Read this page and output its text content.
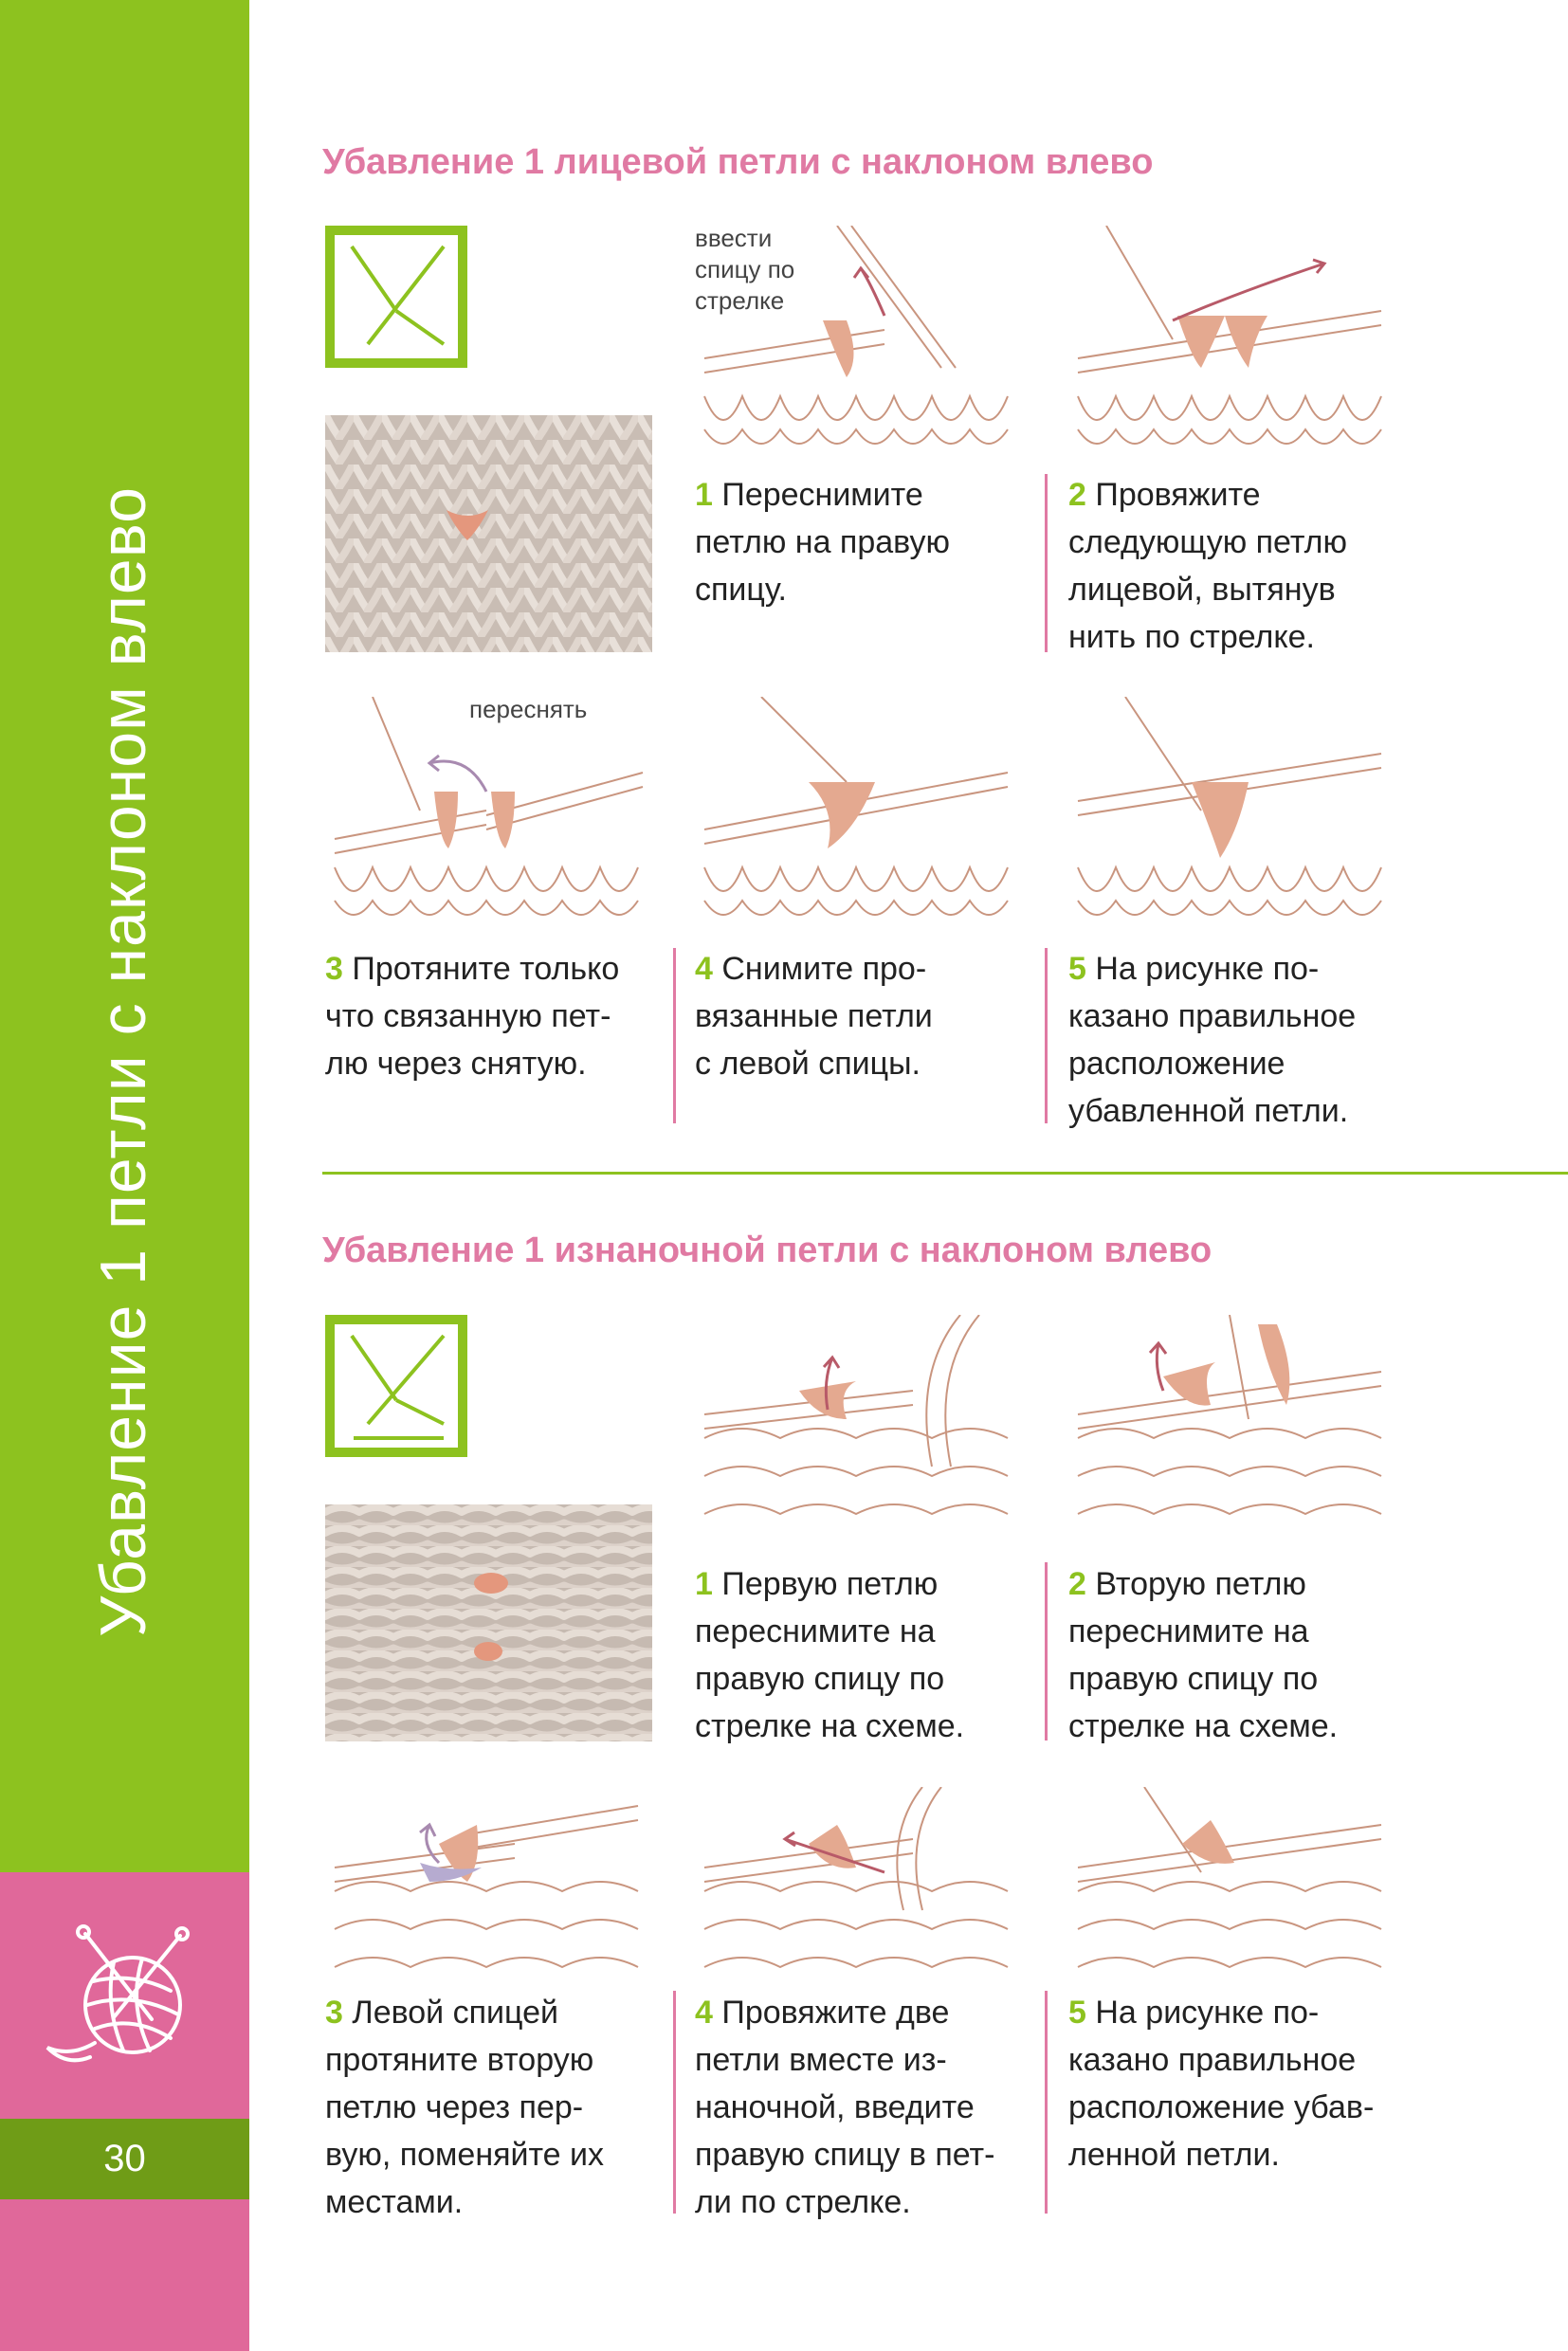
Убавление 1 петли с наклоном влево
30
Убавление 1 лицевой петли с наклоном влево
ввести
спицу по
стрелке
1 Переснимите
петлю на правую
спицу.
2 Провяжите
следующую петлю
лицевой, вытянув
нить по стрелке.
переснять
3 Протяните только
что связанную пет-
лю через снятую.
4 Снимите про-
вязанные петли
с левой спицы.
5 На рисунке по-
казано правильное
расположение
убавленной петли.
Убавление 1 изнаночной петли с наклоном влево
1 Первую петлю
переснимите на
правую спицу по
стрелке на схеме.
2 Вторую петлю
переснимите на
правую спицу по
стрелке на схеме.
3 Левой спицей
протяните вторую
петлю через пер-
вую, поменяйте их
местами.
4 Провяжите две
петли вместе из-
наночной, введите
правую спицу в пет-
ли по стрелке.
5 На рисунке по-
казано правильное
расположение убав-
ленной петли.
